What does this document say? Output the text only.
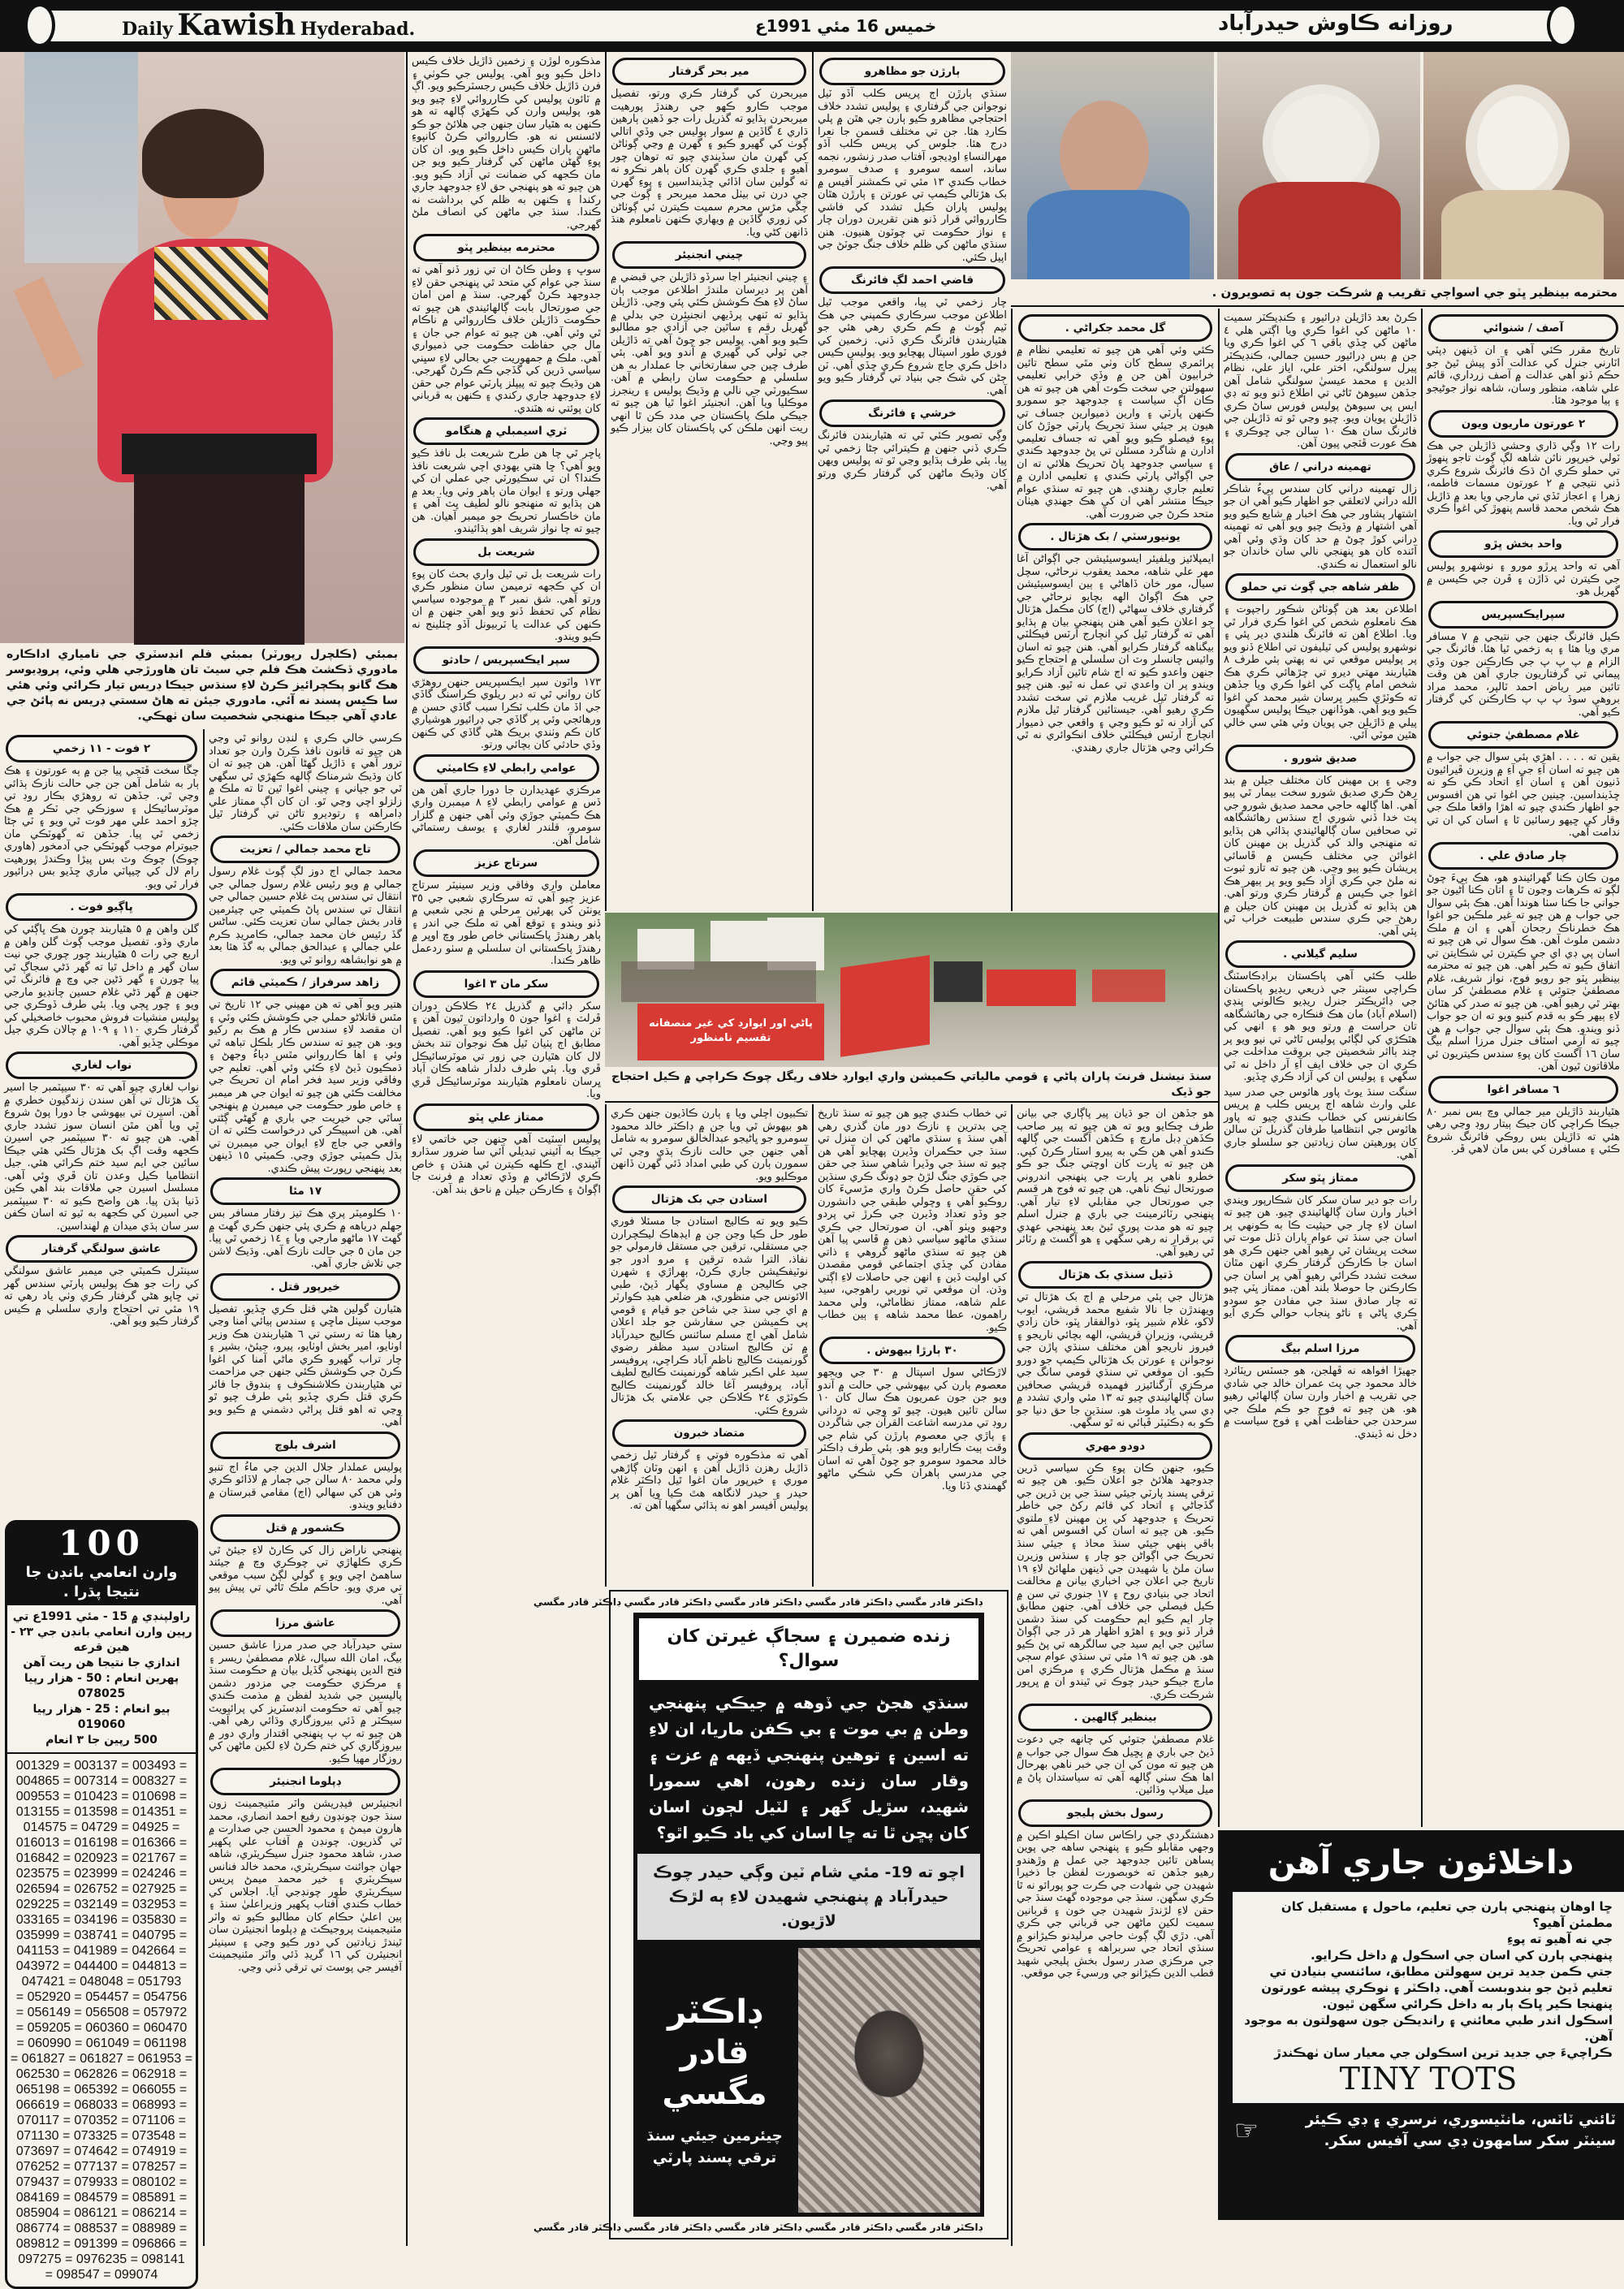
Daily Kawish Hyderabad.	خميس 16 مئي 1991ع	روزانه ڪاوش حيدرآباد
بمبئي (ڪلچرل رپورٽر) بمبئي فلم انڊسٽري جي نامياري اداڪاره مادوري ڏڪشٽ هڪ فلم جي سيٽ تان هاورڙجي هلي وئي، پروڊيوسر هڪ گانو پڪچرائيز ڪرڻ لاءِ سنڌس جيڪا ڊريس تيار ڪرائي وئي هئي سا ڪيس پسند نه آئي. مادوري جيئن ته هاڻ سستي ڊريس نه پائڻ جي عادي آهي جيڪا منهنجي شخصيت سان ٺهڪي.
محترمه بينظير ڀٽو جي اسواڄي تقريب ۾ شرڪت جون ٻه تصويرون .
پاڻي اور ايوارڊ کي غير منصفانه تقسيم نامنظور
سنڌ نيشنل فرنٽ پاران پاڻي ۽ قومي مالياتي ڪميشن واري ايوارڊ خلاف ريگل چوڪ ڪراچي ۾ ڪيل احتجاج جو ڏيک
٢ فوت - ١١ زخمي

چڱا سخت ڦٽجي پيا جن ۾ ٻه عورتون ۽ هڪ ٻار به شامل آهن جن جي حالت نازڪ ٻڌائي وڃي ٿي. جڏهن ته روهڙي بڪار روڊ تي موٽرسائيڪل ۽ سوزڪي جي ٽڪر ۾ هڪ چڙو احمد علي مهر فوت ٿي ويو ۽ ٽي ڄڻا زخمي ٿي پيا. جڏهن ته گهوٽڪي مان جيوترام موجب گهوٽڪي جي آدمخور (هاوري چوڪ) چوڪ وٽ بس پيڙا وڪندڙ پورهيت رام لال کي چيپاٽي ماري ڇڏيو بس ڊرائيور فرار ٿي ويو.

ڀاڳيو فوت .

گلن واهن ۾ ٥ هٿياربند چورن هڪ ڀاڳئي کي ماري وڌو. تفصيل موجب ڳوٺ گلن واهن ۾ اربع جي رات ٥ هٿياربند چور چوري جي نيت سان گهر ۾ داخل ٿيا ته گهر ڌڻي سجاڳ ٿي پيا چورن ۽ گهر ڌڻين جي وچ ۾ فائرنگ ٿي جنهن ۾ گهر ڌڻي غلام حسين چانڊيو مارجي ويو ۽ چور ڀڄي ويا. ٻئي طرف ڏوڪري جي پوليس منشيات فروش محبوب خاصخيلي کي گرفتار ڪري ١١٠ ۽ ١٠٩ ۾ چالان ڪري جيل موڪلي ڇڏيو آهي.

نواب لغاري

نواب لغاري چيو آهي ته ٣٠ سيپٽمبر جا اسير بک هڙتال تي آهن سندن زندگيون خطري ۾ آهن. اسيرن تي بيهوشي جا دورا پوڻ شروع ٿي ويا آهن مٿن انسان سوز تشدد جاري آهي. هن چيو ته ٣٠ سيپٽمبر جي اسيرن ڪجهه وقت اڳ بک هڙتال ڪئي هئي جيڪا سائين جي ايم سيد ختم ڪرائي هئي. جيل انتظاميا ڪيل وعدن تان ڦري وئي آهي. مسلسل اسيرن جي ملاقات بند آهي ڪين ڏنيا ٻڌن پيا. هن واضح ڪيو ته ٣٠ سيپٽمبر جي اسيرن کي ڪجهه به ٿيو ته اسان ڪفن سر سان ٻڌي ميدان ۾ لهنداسين.

عاشق سولنگي گرفتار

سينٽرل ڪميٽي جي ميمبر عاشق سولنگي کي رات جو هڪ پوليس پارٽي سندس گهر تي ڇاپو هڻي گرفتار ڪري وٺي ياد رهي ته ١٩ مئي تي احتجاج واري سلسلي ۾ ڪيس گرفتار ڪيو ويو آهي.

ڪرسي خالي ڪري ۽ لنڊن روانو ٿي وڃي هن چيو ته قانون نافذ ڪرڻ وارن جو تعداد ترور آهي ۽ ڌاڙيل گهڻا آهن. هن چيو ته ان کان وڌيڪ شرمناڪ ڳالهه ڪهڙي ٿي سگهي ٿي جو جپاني ۽ چيني اغوا ٿين ٿا ته ملڪ ۾ زلزلو اچي وڃي ٿو. ان کان اڳ ممتاز علي ڊامراهه ۽ رتوديرو تاڻن تي گرفتار ٿيل ڪارڪنن سان ملاقات ڪئي.

تاج محمد جمالي / تعزيت

محمد جمالي اڄ دوز لڳ ڳوٺ غلام رسول جمالي ۾ ويو رئيس غلام رسول جمالي جي انتقال تي سندس پٽ غلام حسين جمالي جي انتقال تي سندس پاڻ ڪميٽي جي چيئرمين قادر بخش جمالي سان تعزيت ڪئي. ساڻس گڏ رئيس خان محمد جمالي، ڪامريڊ ڪرم علي جمالي ۽ عبدالحق جمالي به گڏ هئا بعد ۾ هو نوابشاهه روانو ٿي ويو.

زاهد سرفراز / ڪميٽي قائم

هتير ويو آهي ته هن مهيني جي ١٢ تاريخ تي مٿس قاتلاڻو حملي جي ڪوشش ڪئي وئي ۽ ان مقصد لاءِ سندس ڪار ۾ هڪ بم رکيو ويو. هن چيو ته سندس ڪار بلڪل تباهه ٿي وئي ۽ اها ڪاررواني مٿس دٻاءُ وجهڻ ۽ ڌمڪيون ڏيڻ لاءِ ڪئي وئي آهي. تعليم جي وفاقي وزير سيد فخر امام ان تحريڪ جي مخالفت ڪئي هن چيو ته ايوان جي هر ميمبر ۽ خاص طور حڪومت جي ميمبرن ۾ پنهنجي ساٿي جي خيريت جي باري ۾ گهڻي ڳڻتي آهي. هن اسپيڪر کي درخواست ڪئي ته ان واقعي جي جاچ لاءِ ايوان جي ميمبرن تي ٻڌل ڪميٽي جوڙي وڃي. ڪميٽي ١٥ ڏينهن بعد پنهنجي رپورٽ پيش ڪندي.

١٧ مئا

١٠ ڪلوميٽر پري هڪ تيز رفتار مسافر بس جهلم درياهه ۾ ڪري پئي جنهن ڪري گهٽ ۾ گهٽ ١٧ ماڻهو مارجي ويا ۽ ١٤ زخمي ٿي پيا. جن مان ٥ جي حالت نازڪ آهي. وڌيڪ لاشن جي تلاش جاري آهي.

خيرپور قتل .

هٿيارن گولين هڻي قتل ڪري ڇڏيو. تفصيل موجب سيٺل ماڇي ۽ سندس ٻيائي آمنا وڃي رهيا هئا ته رستي تي ٦ هٿياربندن هڪ وزير اوٺايو، امير بخش اوٺايو، پيرو، جيئڻ، بشير ۽ چار تراب گهيرو ڪري ماڻي آمنا کي اغوا ڪرڻ جي ڪوشش ڪئي جنهن جي مزاحمت تي هٿياربندن ڪلاشنڪوف ۽ بندوق جا فائر ڪري قتل ڪري ڇڏيو ٻئي طرف چيو ٿو وڃي ته اهو قتل پراڻي دشمني ۾ ڪيو ويو آهي.

اشرف بلوچ

پوليس عملدار جلال الدين جي ماءُ اڄ تنبو ولي محمد ٨٠ سالن جي ڄمار ۾ لاڏائو ڪري وئي هن کي سهالي (اڄ) مقامي قبرستان ۾ دفنايو ويندو.

ڪشمور ۾ قتل

پنهنجي ناراض زال کي ڪارڻ لاءِ جيئڻ ٿي ڪري ڪلهاڙي تي چوڪري وچ ۾ جيئند ساهمڻ اچي ويو ۽ گولي لڳڻ سبب موقعي تي مري ويو. حاڪم ملڪ ٿاڻي تي پيش پيو آهي.

عاشق مرزا

ستي حيدرآباد جي صدر مرزا عاشق حسين بيگ، امان الله سيال، غلام مصطفيٰ ريسر ۽ فتح الدين پنهنجي گڏيل بيان ۾ حڪومت سنڌ ۽ مرڪزي حڪومت جي مزدور دشمن پاليسين جي شديد لفظن ۾ مذمت ڪندي چيو آهي ته حڪومت انڊسٽريز کي پرائيويٽ سيڪٽر ۾ ڏئي بيروزگاري وڌائي رهي آهي. هن چيو ته پ پ پنهنجي اقتدار واري دور ۾ بيروزگاري کي ختم ڪرڻ لاءِ لکين ماڻهن کي روزگار مهيا ڪيو.

ڊپلوما انجنيئر

انجنيئرس فيڊريشن واٽر مئنيجمينٽ زون سنڌ جون چونڊون رفيع احمد انصاري، محمد هارون ميمڻ ۽ محمود الحسن جي صدارت ۾ ٿي گذريون. چونڊن ۾ آفتاب علي پکهير صدر، شاهد محمود جنرل سيڪريٽري، شاهه جهان جوائنٽ سيڪريٽري، محمد خالد فنانس سيڪريٽري ۽ خير محمد ميمڻ پريس سيڪريٽري طور چونڊجي آيا. اجلاس کي خطاب ڪندي آفتاب پکهير وزيراعليٰ سنڌ ۽ ٻين اعليٰ حڪام کان مطالبو ڪيو ته واٽر مئنيجمينٽ پروجيڪٽ ۾ ڊپلوما انجنيئرن سان ٿيندڙ زيادتين کي دور ڪيو وڃي ۽ سينيئر انجنيئرن کي ١٦ گريڊ ڏئي واٽر مئنيجمينٽ آفيسر جي پوسٽ تي ترقي ڏني وڃي.

مذڪوره لوڙن ۽ زخمين ڌاڙيل خلاف ڪيس داخل ڪيو ويو آهي. پوليس جي ڪوٺي ۽ فرن ڌاڙيل خلاف ڪيس رجسٽرڪيو ويو. اڳ ۾ ٽائون پوليس کي ڪارروائي لاءِ چيو ويو هو، پوليس وارن کي ڪهڙي ڳالهه ته هو ڪنهن به هٿيار سان جنهن جي هلائڻ جو ڪو لائسنس نه هو. ڪارروائي ڪرڻ کانپوءِ ماڻهن پاران ڪيس داخل ڪيو ويو. ان کان پوءِ گهڻن ماڻهن کي گرفتار ڪيو ويو جن مان ڪجهه کي ضمانت تي آزاد ڪيو ويو. هن چيو ته هو پنهنجي حق لاءِ جدوجهد جاري رکندا ۽ ڪنهن به ظلم کي برداشت نه ڪندا. سنڌ جي ماڻهن کي انصاف ملڻ گهرجي.

محترمه بينظير ڀٽو

سوڀ ۽ وطن ڪاڻ ان تي زور ڏنو آهي ته سنڌ جي عوام کي متحد ٿي پنهنجي حقن لاءِ جدوجهد ڪرڻ گهرجي. سنڌ ۾ امن امان جي صورتحال بابت ڳالهائيندي هن چيو ته حڪومت ڌاڙيلن خلاف ڪارروائي ۾ ناڪام ٿي وئي آهي. هن چيو ته عوام جي جان ۽ مال جي حفاظت حڪومت جي ذميواري آهي. ملڪ ۾ جمهوريت جي بحالي لاءِ سڀني سياسي ڌرين کي گڏجي ڪم ڪرڻ گهرجي. هن وڌيڪ چيو ته پيپلز پارٽي عوام جي حقن لاءِ جدوجهد جاري رکندي ۽ ڪنهن به قرباني کان پوئتي نه هٽندي.

ٽري اسيمبلي ۾ هنگامو

پاڇر ٿي چا هن طرح شريعت بل نافذ ڪيو ويو آهي؟ ڇا هتي يهودي اچي شريعت نافذ ڪندا؟ ان تي سڪيورٽي جي عملي ان کي جهلي ورتو ۽ ايوان مان ٻاهر وٺي ويا. بعد ۾ هن ٻڌايو ته منهنجو نالو لطيف ڀٽ آهي ۽ مان خاڪسار تحريڪ جو ميمبر آهيان. هن چيو ته چا نواز شريف اهو ٻڌائيندو.

شريعت بل

رات شريعت بل تي ٿيل واري بحث کان پوءِ ان کي ڪجهه ترميمن سان منظور ڪري ورتو آهي. شق نمبر ٣ ۾ موجوده سياسي نظام کي تحفظ ڏنو ويو آهي جنهن ۾ ان ڪنهن کي عدالت يا ٽربيونل آڏو چئلينج نه ڪيو ويندو.

سپر ايڪسپريس / حادثو

١٧٣ واٽون سپر ايڪسپريس جنهن روهڙي کان رواني ٿي ته دبر ريلوي ڪراسنگ گاڏي جي اڏ مان ڪلب ٽڪرا سبب گاڏي حسن ۾ ورهائجي وئي پر گاڏي جي ڊرائيور هوشياري کان ڪم وٺندي بريڪ هڻي گاڏي کي ڪنهن وڏي حادثي کان بچائي ورتو.

عوامي رابطي لاءِ ڪاميٽي

مرڪزي عهديدارن جا دورا جاري آهن هن ڏس ۾ عوامي رابطي لاءِ ٨ ميمبرن واري هڪ ڪميٽي جوڙي وئي آهي جنهن ۾ گلزار سومرو، قلندر لغاري ۽ يوسف رستماڻي شامل آهن.

سرتاج عزيز

معاملن واري وفاقي وزير سينيٽر سرتاج عزيز چيو آهي ته سرڪاري شعبي جي ٣٥ يونٽن کي پهرئين مرحلي ۾ نجي شعبي ۾ ڏنو ويندو ۽ توقع آهي ته ملڪ جي اندر ۽ ٻاهر رهندڙ پاڪستاني خاص طور وچ اوڀر ۾ رهندڙ پاڪستاني ان سلسلي ۾ سٺو ردعمل ظاهر ڪندا.

سکر مان ٣ اغوا

سکر ڊائي ۾ گذريل ٢٤ ڪلاڪن دوران ڦرلٽ ۽ اغوا جون ٥ وارداتون ٿيون آهن ۽ ٽن ماڻهن کي اغوا ڪيو ويو آهي. تفصيل مطابق اڄ پٺيان ٿيل هڪ نوجوان تند بخش لال کان هٿيارن جي زور تي موٽرسائيڪل ڦري ويا. ٻئي طرف دلدار شاهه ڪان آباد ڀرسان نامعلوم هٿياربند موٽرسائيڪل ڦري ويا.

ممتاز علي ڀٽو

پوليس اسٽيٽ آهي جنهن جي خاتمي لاءِ جيڪا به آئيني تبديلي آئي سا ضرور سڌارو آڻيندي. اڄ ڪلهه ڪيترن ئي هنڌن ۽ خاص ڪري لاڙڪاڻي ۾ وڏي تعداد ۾ فرنٽ جا اڳواڻ ۽ ڪارڪن جيلن ۾ ناحق بند آهن.

مير بحر گرفتار

ميربحرن کي گرفتار ڪري ورتو، تفصيل موجب ڪارو ڪهو جي رهندڙ پورهيت ميربحرن ٻڌايو ته گذريل رات جو ڏهين ٻارهين ڌاري ٤ گاڏين ۾ سوار پوليس جي وڏي اتالي ڳوٺ کي گهيرو ڪيو ۽ گهرن ۾ وڃي ڳوٺاڻن کي گهرن مان سڏيندي چيو ته توهان چور آهيو ۽ جلدي ڪري گهرن کان ٻاهر نڪرو نه ته گولين سان اڏائي ڇڏينداسين ۽ پوءِ گهرن جي درن تي بيٺل محمد ميربحر ۽ ڳوٺ جي چڱي مڙس محرم سميت ڪيترن ئي ڳوٺاڻن کي زوري گاڏين ۾ ويهاري ڪنهن نامعلوم هنڌ ڏانهن کڻي ويا.

چيني انجنيئر

۽ چيني انجنيئر اڃا سرڏو ڌاڙيلن جي قبضي ۾ آهن پر ديرسان ملندڙ اطلاعن موجب ٻان ساڻ لاءِ هڪ ڪوشش ڪئي پئي وڃي. ڌاڙيلن ٻڌايو ته ٽنهي پرڏيهي انجنيئرن جي بدلي ۾ گهربل رقم ۽ ساٿين جي آزادي جو مطالبو ڪيو ويو آهي. پوليس جو چوڻ آهي ته ڌاڙيلن جي ٽولي کي گهيري ۾ آندو ويو آهي. ٻئي طرف چين جي سفارتخاني جا عملدار به هن سلسلي ۾ حڪومت سان رابطي ۾ آهن. سڪيورٽي جي نالي ۾ وڌيڪ پوليس ۽ رينجرز موڪليا ويا آهن. انجنيئر اغوا ٿيا هن چيو ته جيڪي ملڪ پاڪستان جي مدد ڪن ٿا انهي ريت انهن ملڪن کي پاڪستان کان بيزار ڪيو پيو وڃي.

ٻارڙن جو مظاهرو

سنڌي ٻارڙن اڄ پريس ڪلب آڏو ٽيل نوجوانن جي گرفتاري ۽ پوليس تشدد خلاف احتجاجي مظاهرو ڪيو ٻارن جي هٿن ۾ پلي ڪارڊ هئا. جن تي مختلف قسمن جا نعرا درج هئا. جلوس کي پريس ڪلب آڏو مهرالنساءِ اوڍيجو، آفتاب صدر زنشور، نجمه ساند، اسمه سومرو ۽ صدف سومرو خطاب ڪندي ١٣ مئي تي ڪمشنر آفيس ۾ بک هڙتالي ڪيمپ تي عورتن ۽ ٻارڙن هٿان پوليس پاران ڪيل تشدد کي فاشي ڪارروائي قرار ڏنو هنن تقريرن دوران چار ۽ نواز حڪومت تي چوٽون هنيون. هنن سنڌي ماڻهن کي ظلم خلاف جنگ جوٽڻ جي اپيل ڪئي.

قاضي احمد لڳ فائرنگ

چار زخمي ٿي پيا، واقعي موجب ٿيل اطلاعن موجب سرڪاري ڪمپني جي هڪ ٽيم ڳوٺ ۾ ڪم ڪري رهي هئي جو هٿياربندن فائرنگ ڪري ڏني. زخمين کي فوري طور اسپتال پهچايو ويو. پوليس ڪيس داخل ڪري جاچ شروع ڪري ڇڏي آهي. ٽن ڄڻن کي شڪ جي بنياد تي گرفتار ڪيو ويو آهي.

خرشي ۽ فائرنگ

وڳي تصوير ڪئي ٿي ته هٿياربندن فائرنگ ڪري ڏني جنهن ۾ ڪيترائي ڄڻا زخمي ٿي پيا. ٻئي طرف ٻڌايو وڃي ٿو ته پوليس ويهن کان وڌيڪ ماڻهن کي گرفتار ڪري ورتو آهي.

گل محمد جکراڻي .

ڪئي وئي آهي هن چيو ته تعليمي نظام ۾ پرائمري سطح کان وٺي مٿي سطح تائين خرابيون آهن جن ۾ وڏي خرابي تعليمي سهولتن جي سخت ڪوٽ آهي هن چيو ته هن ڪان اڳ سياست ۽ جدوجهد جو سمورو ڪنهن پارٽي ۽ وارين ذميوارين جساف تي هيون پر جيئي سنڌ تحريڪ پارٽي جوڙڻ کان پوءِ فيصلو ڪيو ويو آهي ته جساف تعليمي ادارن ۾ شاگرد مسئلن تي پڻ جدوجهد ڪندي ۽ سياسي جدوجهد پاڻ تحريڪ هلائي ته ان جي اڳواڻي پارٽي ڪندي ۽ تعليمي ادارن ۾ تعليم جاري رهندي. هن چيو ته سنڌي عوام جيڪا منتشر آهي ان کي هڪ جهنڊي هيٺان متحد ڪرڻ جي ضرورت آهي.

يونيورسٽي / بک هڙتال .

ايمپلائيز ويلفيئر ايسوسيئيشن جي اڳواڻن آغا مهر علي شاهه، محمد يعقوب نرحاڻي، سچل سيال، مور خان ڏاهاڻي ۽ ٻين ايسوسيئيشن جي هڪ اڳواڻ الهه بچايو نرحاڻي جي گرفتاري خلاف سهاڻي (اڄ) کان مڪمل هڙتال جو اعلان ڪيو آهي هنن پنهنجي بيان ۾ ٻڌايو آهي ته گرفتار ٿيل کي انچارج آرٽس فيڪلٽي بيگناهه گرفتار ڪرايو آهي. هنن چيو ته اسان وائيس چانسلر وٽ ان سلسلي ۾ احتجاج ڪيو جنهن واعدو ڪيو ته اڄ شام تائين آزاد ڪرايو ويندو پر ان واعدي تي عمل نه ٿيو. هنن چيو ته گرفتار ٿيل غريب ملازم تي سخت تشدد ڪري رهيو آهي. جيستائين گرفتار ٿيل ملازم کي آزاد نه ٿو ڪيو وڃي ۽ واقعي جي ذميوار انچارج آرٽس فيڪلٽي خلاف انڪوائري نه ٿي ڪرائي وڃي هڙتال جاري رهندي.

ڪرڻ بعد ڌاڙيلن ڊرائيور ۽ ڪنڊيڪٽر سميت ١٠ ماڻهن کي اغوا ڪري ويا اڳتي هلي ٤ ماڻهن کي ڇڏي باقي ٦ کي اغوا ڪري ويا جن ۾ بس ڊرائيور حسين جمالي، ڪنڊيڪٽر پيرل سولنگي، اختر علي، اياز علي، نظام الدين ۽ محمد عيسيٰ سولنگي شامل آهن جڏهن سيوهڻ ٿاڻي تي اطلاع ڏنو ويو ته ڊي ايس پي سيوهڻ پوليس فورس ساڻ ڪري ڌاڙيلن پويان ويو. چيو وڃي ٿو ته ڌاڙيلن جي فائرنگ سان هڪ ١٠ سالن جي ڇوڪري ۽ هڪ عورت ڦٽجي پيون آهن.

تهمينه دراني / عاق

زال تهمينه دراني کان سندس پيءُ شاڪر الله دراني لاتعلقي جو اظهار ڪيو آهي ان جو اشتهار پشاور جي هڪ اخبار ۾ شايع ڪيو ويو آهي اشتهار ۾ وڌيڪ چيو ويو آهي ته تهمينه دراني کوڙ چوڻ ۾ حد کان وڌي وئي آهي آئنده کان هو پنهنجي نالي سان خاندان جو نالو استعمال نه ڪندي.

ظفر شاهه جي ڳوٺ تي حملو

اطلاعن بعد هن ڳوٺاڻن شڪور راجپوت ۽ هڪ نامعلوم شخص کي اغوا ڪري فرار ٿي ويا. اطلاع آهن ته فائرنگ هلندي دير پئي ۽ نوشهرو پوليس کي ٽيليفون تي اطلاع ڏنو ويو پر پوليس موقعي تي نه پهتي ٻئي طرف ٨ هٿياربند مهتي ديرو تي چڙهائي ڪري هڪ شخص امام ڀاڳت کي اغوا ڪري ويا جڏهن ته ڪوٽڙي ڪبير ڀرسان شير محمد کي اغوا ڪيو ويو آهي. هوڏانهن جيڪا پوليس سگهيون پيلي ۾ ڌاڙيلن جي پويان وئي هئي سي خالي هٿين موٽي آئي.

صديق شورو .

وڃي ۽ ٻن مهينن کان مختلف جيلن ۾ بند رهڻ ڪري صديق شورو سخت بيمار ٿي پيو آهي. اها ڳالهه حاجي محمد صديق شورو جي پٽ خدا ڏني شوري اڄ سنڌس رهائشگاهه تي صحافين سان ڳالهائيندي ٻڌائي هن ٻڌايو ته منهنجي والد کي گذريل ٻن مهينن کان اغوائن جي مختلف ڪيسن ۾ ڦاسائي پريشان ڪيو پيو وڃي. هن چيو ته تازو ثبوت نه ملڻ جي ڪري آزاد ڪيو ويو پر ٻيهر هڪ اغوا جي ڪيس ۾ گرفتار ڪري ورتو آهي. هن ٻڌايو ته گذريل ٻن مهينن کان جيلن ۾ رهڻ جي ڪري سندس طبيعت خراب ٿي پئي آهي.

سليم گيلاني .

طلب ڪئي آهي پاڪستان براڊڪاسٽنگ ڪراچي سينٽر جي ذريعي ريڊيو پاڪستان جي ڊائريڪٽر جنرل ريڊيو ڪالوني پنڊي (اسلام آباد) مان هڪ فنڪاره جي رهائشگاهه تان حراست ۾ ورتو ويو هو ۽ انهي کي هٿڪڙي کي لڳائي پوليس ٿاڻي تي نيو ويو پر چند ٻااثر شخصيتن جي بروقت مداخلت جي ڪري ان جي خلاف ايف آءِ آر داخل نه ٿي سگهي ۽ پوليس ان کي آزاد ڪري ڇڏيو.

سنگت سنڌ يوٿ پاور هائوس جي صدر سيد علي وارث شاهه اڄ پريس ڪلب ۾ پريس ڪانفرنس کي خطاب ڪندي چيو ته پاور هائوس جي انتظاميا طرفان گذريل ٽن سالن کان پورهيتن سان زيادتين جو سلسلو جاري آهي.

ممتاز ڀٽو سکر

رات جو دير سان سکر کان شڪارپور ويندي اخبار وارن سان ڳالهائيندي چيو. هن چيو ته اسان لاءِ چار جي حيثيت ڪا به ڪونهي پر اسان جي سنڌ تي عوام پاران ڏٺل موت تي سخت پريشان ٿي رهيو آهي جنهن ڪري هو اسان جا ڪارڪن گرفتار ڪري انهن مٿان سخت تشدد ڪرائي رهيو آهي پر اسان جي ڪارڪنن جا حوصلا بلند آهن. ممتاز ڀٽي چيو ته چار صادق سنڌ جي مفادن جو سودو ڪري ڀاڻي ۽ ناڻو پنجاب حوالي ڪري آيو آهي.

مرزا اسلم بيگ

جهيڙا افواهه نه ڦهلجن، هو جسٽس ريٽائرڊ خالد محمود جي پٽ عمران خالد جي شادي جي تقريب ۾ اخبار وارن سان ڳالهائي رهيو هو. هن چيو ته فوج جو ڪم ملڪ جي سرحدن جي حفاظت آهي ۽ فوج سياست ۾ دخل نه ڏيندي.

آصف / شنوائي

تاريخ مقرر ڪئي آهي ۽ ان ڏينهن ڊپٽي اٽارني جنرل کي عدالت آڏو پيش ٿيڻ جو حڪم ڏنو آهي عدالت ۾ آصف زرداري، قائم علي شاهه، منظور وسان، شاهه نواز جوڻيجو ۽ ٻيا موجود هئا.

٢ عورتون ماريون ويون

رات ١٢ وڳي ڌاري وحشي ڌاڙيلن جي هڪ ٽولي خيرپور ناٿن شاهه لڳ ڳوٺ تاجو پنهوڙ تي حملو ڪري اڻ ڌڪ فائرنگ شروع ڪري ڏني نتيجي ۾ ٢ عورتون مسمات فاطمه، زهرا ۽ اعجاز ٿڏي تي مارجي ويا بعد ۾ ڌاڙيل هڪ شخص محمد قاسم پنهوڙ کي اغوا ڪري فرار ٿي ويا.

واحد بخش ڀڙو

آهي ته واحد ڀرڙو مورو ۽ نوشهرو پوليس جي ڪيترن ئي ڌاڙن ۽ ڦرن جي ڪيسن ۾ گهربل هو.

سپرايڪسپريس

ڪيل فائرنگ جنهن جي نتيجي ۾ ٧ مسافر مري ويا هئا ۽ ٻه زخمي ٿيا هئا. فائرنگ جي الزام ۾ پ پ پ جي ڪارڪنن جون وڏي پيماني تي گرفتاريون جاري آهن هن وقت تائين مير رياض احمد ٽالپر، محمد مراد بروهي سوڏ پ پ پ ڪارڪنن کي گرفتار ڪيو آهي.

غلام مصطفيٰ جتوئي

يقين ته . . . . اهڙي ٻئي سوال جي جواب ۾ هن چيو ته اسان آءِ جي آءِ ۾ وزيرن ڦيرائيون ڏنيون آهن ۽ اسان آءِ اتحاد ڪي ڪو نه ڇڏينداسين. چينين جي اغوا تي هن افسوس جو اظهار ڪندي چيو ته اهڙا واقعا ملڪ جي وقار کي ڇيهو رسائين ٿا ۽ اسان کي ان تي ندامت آهي.

چار صادق علي .

مون ڪان ڪنا گهرائيندو هو، هڪ ٻيءَ چوڻ لڳو ته ڪرهات وڃون ٿا ۽ اتان ڪنا آڻيون جو جواني جا ڪنا سٺا هوندا آهن. هڪ ٻئي سوال جي جواب ۾ هن چيو ته غير ملڪين جو اغوا هڪ خطرناڪ رجحان آهي ۽ ان ۾ ملڪ دشمن ملوث آهن. هڪ سوال تي هن چيو ته اسان پي ڊي اي جي ڪيترن ئي شڪايتن تي اتفاق ڪيو ته ڪير آهي. هن چيو ته محترمه بينظير ڀٽو جو رويو فوج، نواز شريف، غلام مصطفيٰ جتوئي ۽ غلام مصطفيٰ کر سان بهتر ٿي رهيو آهي. هن چيو ته صدر کي هٽائڻ لاءِ ٻيهر ڪو به قدم کنيو ويو ته ان جو جواب ڏنو ويندو. هڪ ٻئي سوال جي جواب ۾ هن چيو ته آرمي اسٽاف جنرل مرزا اسلم بيگ سان ١٦ آگسٽ کان پوءِ سندس ڪيتريون ئي ملاقاتون ٿيون آهن.

٦ مسافر اغوا

هٿياربند ڌاڙيلن مير جمالي وچ بس نمبر ٨٠ جيڪا ڪراچي کان جيڪ ٻيتار روڊ وڃي رهي هئي ته ڌاڙيلن بس روڪي فائرنگ شروع ڪئي ۽ مسافرن کي بس مان لاهي ڦر.

تڪبيون اچلي ويا ۽ ٻارن ڪاڏيون جنهن ڪري هو بيهوش ٿي ويا جن ۾ ڊاڪٽر خالد محمود سومرو جو ڀاڻيجو عبدالخالق سومرو به شامل آهي جنهن جي حالت نازڪ ٻڌي وڃي ٿي سمورن ٻارن کي طبي امداد ڏئي گهرن ڏانهن موڪليو ويو.

استادن جي بک هڙتال

ڪيو ويو ته ڪاليج استادن جا مسئلا فوري طور حل ڪيا وڃن جن ۾ ايڊهاڪ ليڪچرارن جي مستقلي، ترقين جي مستقل فارمولي جو نفاذ، الترا شده ترقين ۽ مرو ادور جو نوٽيفڪيشن جاري ڪرڻ، ٻهراڙي ۽ شهرن جي ڪاليجن ۾ مساوي پگهار ڏيڻ، طبي الائونس جي منظوري، هر ضلعي هيڊ ڪوارٽر ۾ اي جي سنڌ جي شاخن جو قيام ۽ قومي پي ڪميشن جي سفارشن جو جلد اعلان شامل آهي اڄ مسلم سائنس ڪاليج حيدرآباد ۾ ٽن ڪاليج استادن سيد مظفر رضوي گورنمينٽ ڪاليج ناظم آباد ڪراچي، پروفيسر سيد علي اڪبر شاهه گورنمينٽ ڪاليج لطيف آباد، پروفيسر آغا خالد گورنمينٽ ڪاليج ڪوٽڙي ٢٤ ڪلاڪن جي علامتي بک هڙتال شروع ڪئي.

متضاد خبرون

آهي ته مذڪوره فوتي ۽ گرفتار ٿيل زخمي ڌاڙيل رهزن ڌاڙيل آهن ۽ انهن وٽان ڳاڙهي موري ۽ خيرپور مان اغوا ٿيل ڊاڪٽر غلام حيدر ۽ حيدر لانگاهه هٿ ڪيا ويا آهن پر پوليس آفيسر اهو نه ٻڌائي سگهيا آهن ته.

تي خطاب ڪندي چيو هن چيو ته سنڌ تاريخ جي بدترين ۽ نازڪ دور مان گذري رهي آهي سنڌ ۽ سنڌي ماڻهن کي ان منزل تي سنڌ جي حڪمران وڏيرن پهچايو آهي هن چيو ته سنڌ جي وڏيرا شاهي سنڌ جي حقن جي ڪوڙي جنگ لڙڻ جو ڍونگ ڪري سنڌين کي حقن حاصل ڪرڻ واري مڙسيءَ کان روڪيو آهي ۽ وچولي طبقي جي دانشورن جو وڏو تعداد وڏيرن جي ڪرڙ تي پردو وجهيو ويٺو آهي. ان صورتحال جي ڪري سنڌي ماڻهو سياسي ذهن ۾ ڦاسي پيا آهن هن چيو ته سنڌي ماڻهو گروهي ۽ ذاتي مفادن کي ڇڏي اجتماعي قومي مقصدن کي اوليت ڏين ۽ انهن جي حاصلات لاءِ اڳتي وڌن. ان موقعي تي نوربي راهوجي، سيد علم شاهه، ممتاز نظاماڻي، ولي محمد راهمون، عطا محمد شاهه ۽ ٻين خطاب ڪيو.

٣٠ ٻارڙا بيهوش .

لاڙڪاڻي سول اسپتال ۾ ٣٠ جي ويجهو معصوم ٻارن کي بيهوشي جي حالت ۾ آندو ويو جن جون عمريون هڪ سال کان ١٠ سالن تائين هيون. چيو ٿو وڃي ته درداني روڊ تي مدرسه اشاعت القرآن جي شاگردن ۽ پاڙي جي معصوم ٻارڙن کي شام جي وقت ٻيٽ ڪارايو ويو هو. ٻئي طرف ڊاڪٽر خالد محمود سومرو جو چوڻ آهي ته اسان جي مدرسي ٻاهران ڪي شڪي ماڻهو گهمندي ڏٺا ويا.

هو جڏهن ان جو ڌيان پير پاڳاري جي بيانن طرف ڇڪايو ويو ته هن چيو ته پير صاحب ڪڏهن ڊبل مارچ ۽ ڪڏهن آگسٽ جي ڳالهه ڪندو آهي هن ڪي به پيرو اسٽار ڪرڻ کپي. هن چيو ته ڀارت کان اوچتي جنگ جو ڪو خطرو ناهي پر ڀارت جي پنهنجي اندروني صورتحال ٺيڪ ناهي. هن چيو ته فوج هر قسم جي صورتحال جي مقابلي لاءِ تيار آهي. پنهنجي رٽائرمينٽ جي باري ۾ جنرل اسلم چيو ته هو مدت پوري ٿيڻ بعد پنهنجي عهدي تي برقرار نه رهي سگهي ۽ هو آگسٽ ۾ رٽائر ٿي رهيو آهي.

ڏتيل سنڌي بک هڙتال

هڙتال جي ٻئي مرحلي ۾ اڄ بک هڙتال تي ويهندڙن جا نالا شفيع محمد قريشي، ايوب لاکو، غلام شبير ڀٽو، ذوالفقار ڀٽو، خان زادي قريشي، وزيران قريشي، الهه بچائي ناريجو ۽ فيروز ناريجو آهن مختلف سنڌي پاڙن جي نوجوانن ۽ عورتن بک هڙتالي ڪيمپ جو دورو ڪيو. ان موقعي تي سنڌي قومي سانگ جي مرڪزي آرگنائيزر فهميده قريشي صحافين سان ڳالهائيندي چيو ته ١٣ مئي واري تشدد ۾ ڊي سي ياد ملوث هو. سنڌين جا حق دنيا جو ڪو به ڊڪٽيٽر ڦٻائي نه ٿو سگهي.

دودو مهري

ڪيو، جنهن ڪان پوءِ ڪن سياسي ڌرين جدوجهد هلائڻ جو اعلان ڪيو. هن چيو ته ترقي پسند پارٽي جيئي سنڌ جي ٻن ڌرين جي گڏجاڻي ۽ اتحاد کي قائم رکڻ جي خاطر تحريڪ ۽ جدوجهد کي ٻن مهينن لاءِ ملتوي ڪيو. هن چيو ته اسان کي افسوس آهي ته باقي ٻنهي جيئي سنڌ محاذ ۽ جيئي سنڌ تحريڪ جي اڳواڻن جو چار ۽ سنڌس وزيرن سان ملڻ يا شهيدن جي ڏينهن ملهائڻ لاءِ ١٩ تاريخ جي اعلان جي اخباري بيانن ۾ مخالفت اتحاد جي بنيادي روح ۽ ١٧ جنوري تي سن ۾ ڪيل فيصلي جي خلاف آهي. جنهن مطابق چار ايم ڪيو ايم حڪومت کي سنڌ دشمن قرار ڏنو ويو ۽ اهڙو اظهار هر ڌر جي اڳواڻ سائين جي ايم سيد جي سالگرهه تي پڻ ڪيو هو. هن چيو ته ١٩ مئي تي سنڌي عوام سڄي سنڌ ۾ مڪمل هڙتال ڪري ۽ مرڪزي امن مارچ جيڪو حيدر چوڪ تي ٿيندو ان ۾ ڀرپور شرڪت ڪري.

بينظير ڳالهين .

غلام مصطفيٰ جتوئي کي چانهه جي دعوت ڏيڻ جي باري ۾ پڇيل هڪ سوال جي جواب ۾ هن چيو ته مون کي ان جي خبر ناهي بهرحال اها هڪ سٺي ڳالهه آهي ته سياستدان پاڻ ۾ ميل ميلاپ وڌائين.

رسول بخش پليجو

دهشتگردي جي راڪاس سان اڪيلو اڪين ۾ وجهي مقابلو ڪيو ۽ پنهنجي ساهه جي پوين پساهن تائين جدوجهد جي عمل ۾ وڙهندو رهيو جڏهن ته خوبصورت لفظن جا ذخيرا شهيدن جي شهادت جي ڪرت جو پورائو نه ٿا ڪري سگهن. سنڌ جي موجوده گهٽ سنڌ جي حقن لاءِ لڙندڙ شهيدن جي خون ۽ قربانين سميت لکين ماڻهن جي قرباني جي ڪري آهي. دڙي لڳ ڳوٺ حاجي مرليدنو ڪيڙانو ۾ سنڌي اتحاد جي سربراهه ۽ عوامي تحريڪ جي مرڪزي صدر رسول بخش پليجي شهيد قطب الدين ڪيڙانو جي ورسيءَ جي موقعي.

100
وارن انعامي بانڊن جا نتيجا پڌرا .
راولپنڊي ۾ 15 - مئي 1991ع تي
رپين وارن انعامي بانڊن جي ٢٣ - هين قرعه
اندازي جا نتيجا هن ريت آهن
پهرين انعام : 50 - هزار رپيا 078025
ٻيو انعام : 25 - هزار رپيا 019060
500 رپين جا ٣ انعام
001329 = 003137 = 003493 =
004865 = 007314 = 008327 =
009553 = 010423 = 010698 =
013155 = 013598 = 014351 =
014575 = 04729 = 04925 =
016013 = 016198 = 016366 =
016842 = 020923 = 021767 =
023575 = 023999 = 024246 =
026594 = 026752 = 027925 =
029225 = 032149 = 032953 =
033165 = 034196 = 035830 =
035999 = 038741 = 040795 =
041153 = 041989 = 042664 =
043972 = 044400 = 044813 =
047421 = 048048 = 051793
= 052920 = 054457 = 054756
= 056149 = 056508 = 057972
= 059205 = 060360 = 060470
= 060990 = 061049 = 061198
= 061827 = 061827 = 061953 =
062530 = 062826 = 062918 =
065198 = 065392 = 066055 =
066619 = 068033 = 068993 =
070117 = 070352 = 071106 =
071130 = 073325 = 073548 =
073697 = 074642 = 074919 =
076252 = 077137 = 078257 =
079437 = 079933 = 080102 =
084169 = 084579 = 085891 =
085904 = 086121 = 086214 =
086774 = 088537 = 088989 =
089812 = 091399 = 096866 =
097275 = 0976235 = 098141
= 098547 = 099074
ڊاڪٽر قادر مگسي ڊاڪٽر قادر مگسي ڊاڪٽر قادر مگسي ڊاڪٽر قادر مگسي ڊاڪٽر قادر مگسي
ڊاڪٽر قادر مگسي ڊاڪٽر قادر مگسي ڊاڪٽر قادر مگسي ڊاڪٽر قادر مگسي ڊاڪٽر قادر مگسي
زنده ضميرن ۽ سجاڳ غيرتن کان سوال؟
سنڌي هجڻ جي ڏوهه ۾ جيڪي پنهنجي وطن ۾ بي موت ۽ بي ڪفن ماريا، ان لاءِ ته اسين ۽ توهين پنهنجي ڏيهه ۾ عزت ۽ وقار سان زنده رهون، اهي سمورا شهيد، سڙيل گهر ۽ لٽيل لڄون اسان کان پڇن ٿا ته ڇا اسان کي ياد ڪيو اٿو؟
اچو ته 19- مئي شام ٽين وڳي حيدر چوڪ حيدرآباد ۾ پنهنجي شهيدن لاءِ ٻه لڙڪ لاڙيون.
ڊاڪٽر قادر مگسي
چيئرمين جيئي سنڌ ترقي پسند پارٽي
داخلائون جاري آهن
ڇا اوهان پنهنجي ٻارن جي تعليم، ماحول ۽ مستقبل کان مطمئن آهيو؟
جي نه آهيو ته پوءِ
پنهنجي ٻارن کي اسان جي اسڪول ۾ داخل ڪرايو.
جتي ڪمن جديد ترين سهولتن مطابق، سائنسي بنيادن تي تعليم ڏيڻ جو بندوبست آهي. ڊاڪٽر ۽ نوڪري پيشه عورتون پنهنجا ڪير ڀاڪ ٻار به داخل ڪرائي سگهن ٿيون.
اسڪول اندر طبي معائني ۽ رانديڪن جون سهولتون به موجود آهن.
ڪراچيءَ جي جديد ترين اسڪولن جي معيار سان ٺهڪندڙ
TINY TOTS
☞	ٽائني ٽاٽس، مانٽيسوري، نرسري ۽ ڊي ڪيئر سينٽر سکر سامهون ڊي سي آفيس سکر.
